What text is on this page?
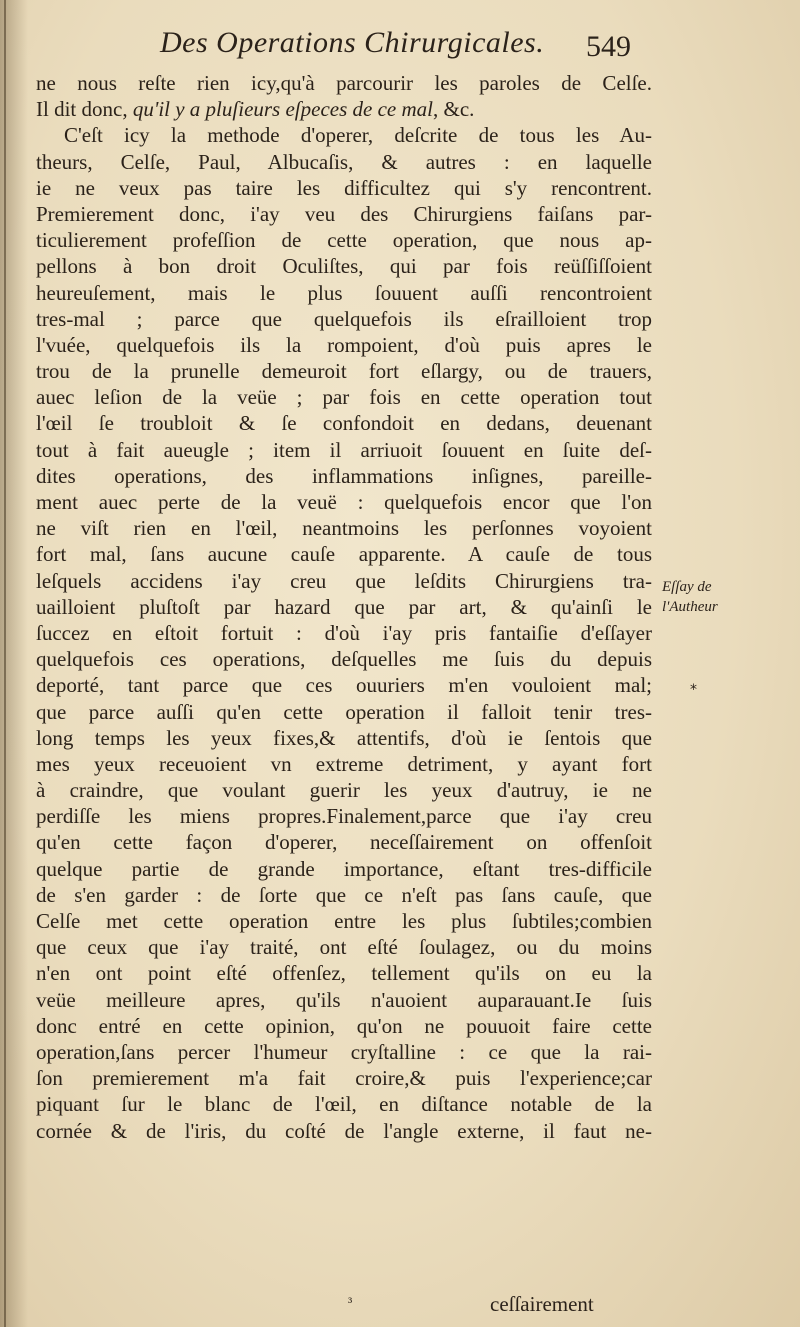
Des Operations Chirurgicales. 549
ne nous reſte rien icy,qu'à parcourir les paroles de Celſe.
Il dit donc, qu'il y a pluſieurs eſpeces de ce mal, &c.
C'eſt icy la methode d'operer, deſcrite de tous les Au-
theurs, Celſe, Paul, Albucaſis, & autres : en laquelle
ie ne veux pas taire les difficultez qui s'y rencontrent.
Premierement donc, i'ay veu des Chirurgiens faiſans par-
ticulierement profeſſion de cette operation, que nous ap-
pellons à bon droit Oculiſtes, qui par fois reüſſiſſoient
heureuſement, mais le plus ſouuent auſſi rencontroient
tres-mal ; parce que quelquefois ils eſrailloient trop
l'vuée, quelquefois ils la rompoient, d'où puis apres le
trou de la prunelle demeuroit fort eſlargy, ou de trauers,
auec leſion de la veüe ; par fois en cette operation tout
l'œil ſe troubloit & ſe confondoit en dedans, deuenant
tout à fait aueugle ; item il arriuoit ſouuent en ſuite deſ-
dites operations, des inflammations inſignes, pareille-
ment auec perte de la veuë : quelquefois encor que l'on
ne viſt rien en l'œil, neantmoins les perſonnes voyoient
fort mal, ſans aucune cauſe apparente. A cauſe de tous
leſquels accidens i'ay creu que leſdits Chirurgiens tra-
uailloient pluſtoſt par hazard que par art, & qu'ainſi le
ſuccez en eſtoit fortuit : d'où i'ay pris fantaiſie d'eſſayer
quelquefois ces operations, deſquelles me ſuis du depuis
deporté, tant parce que ces ouuriers m'en vouloient mal;
que parce auſſi qu'en cette operation il falloit tenir tres-
long temps les yeux fixes,& attentifs, d'où ie ſentois que
mes yeux receuoient vn extreme detriment, y ayant fort
à craindre, que voulant guerir les yeux d'autruy, ie ne
perdiſſe les miens propres.Finalement,parce que i'ay creu
qu'en cette façon d'operer, neceſſairement on offenſoit
quelque partie de grande importance, eſtant tres-difficile
de s'en garder : de ſorte que ce n'eſt pas ſans cauſe, que
Celſe met cette operation entre les plus ſubtiles;combien
que ceux que i'ay traité, ont eſté ſoulagez, ou du moins
n'en ont point eſté offenſez, tellement qu'ils on eu la
veüe meilleure apres, qu'ils n'auoient auparauant.Ie ſuis
donc entré en cette opinion, qu'on ne pouuoit faire cette
operation,ſans percer l'humeur cryſtalline : ce que la rai-
ſon premierement m'a fait croire,& puis l'experience;car
piquant ſur le blanc de l'œil, en diſtance notable de la
cornée & de l'iris, du coſté de l'angle externe, il faut ne-
Eſſay de
l'Autheur
*
³	ceſſairement
